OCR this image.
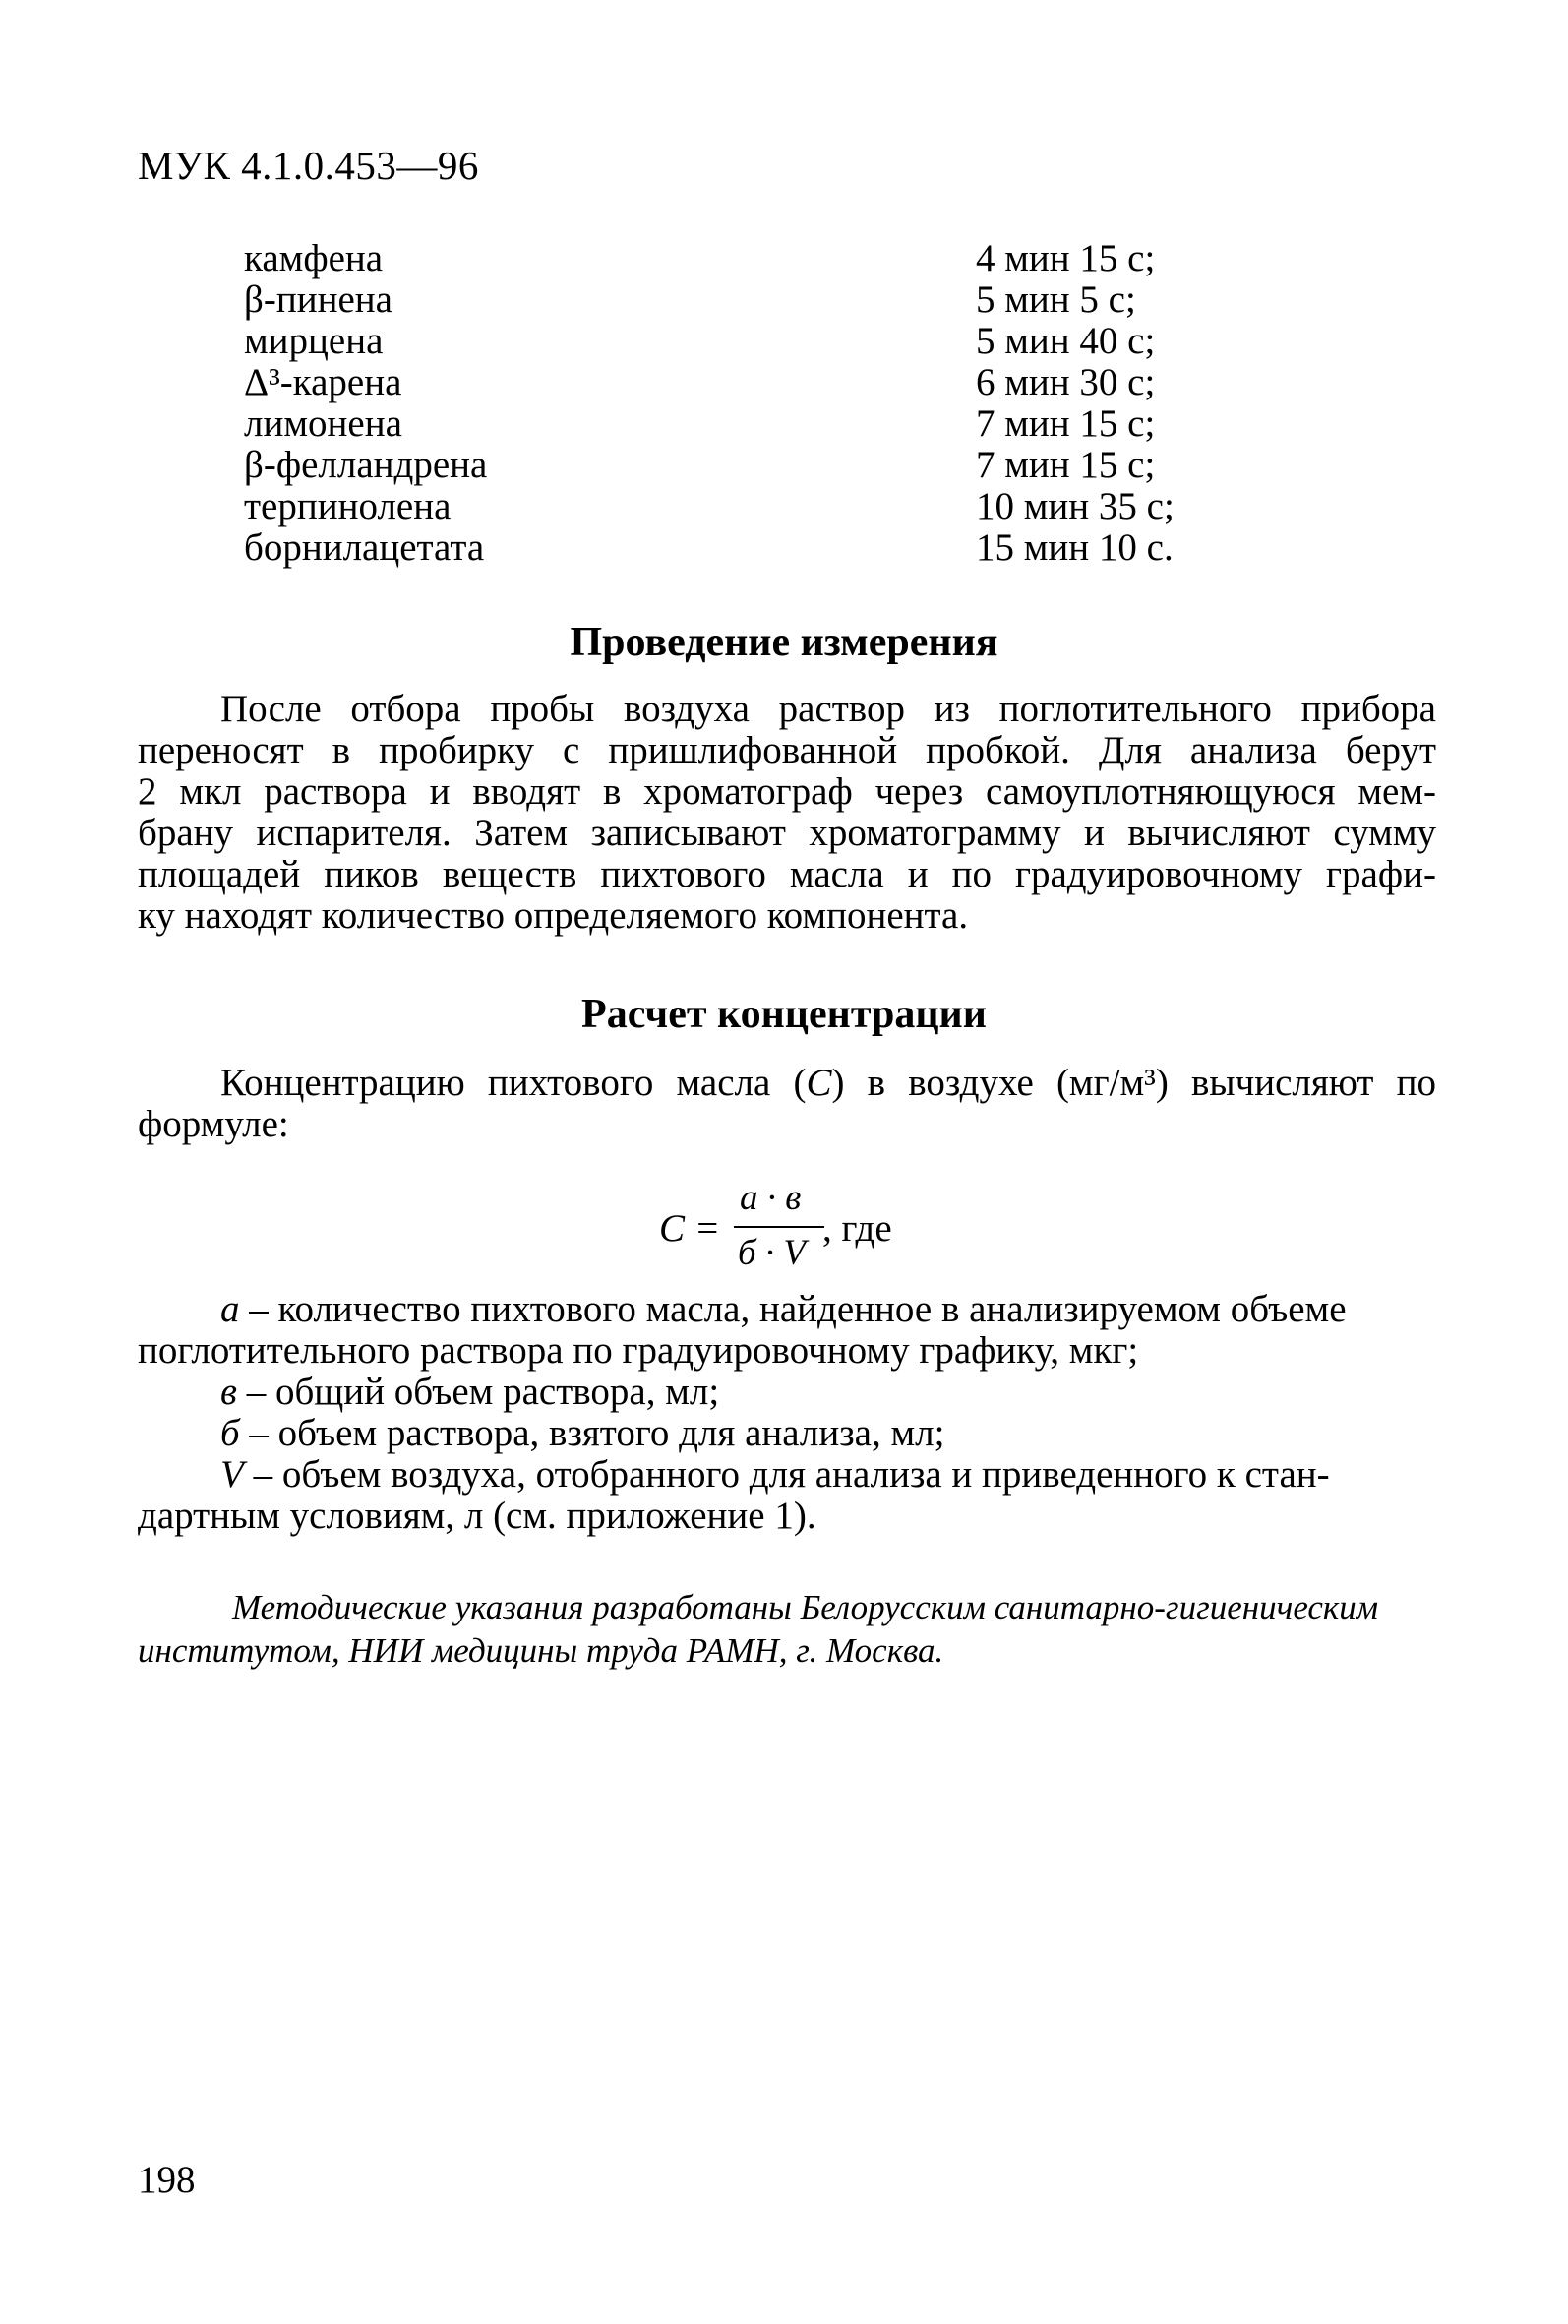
МУК 4.1.0.453—96
камфена	4 мин 15 с;
β-пинена	5 мин 5 с;
мирцена	5 мин 40 с;
Δ³-карена	6 мин 30 с;
лимонена	7 мин 15 с;
β-фелландрена	7 мин 15 с;
терпинолена	10 мин 35 с;
борнилацетата	15 мин 10 с.
Проведение измерения
После отбора пробы воздуха раствор из поглотительного прибора
переносят в пробирку с пришлифованной пробкой. Для анализа берут
2 мкл раствора и вводят в хроматограф через самоуплотняющуюся мем-
брану испарителя. Затем записывают хроматограмму и вычисляют сумму
площадей пиков веществ пихтового масла и по градуировочному графи-
ку находят количество определяемого компонента.
Расчет концентрации
Концентрацию пихтового масла (C) в воздухе (мг/м³) вычисляют по
формуле:
C =
a · в
б · V
, где
a – количество пихтового масла, найденное в анализируемом объеме
поглотительного раствора по градуировочному графику, мкг;
в – общий объем раствора, мл;
б – объем раствора, взятого для анализа, мл;
V – объем воздуха, отобранного для анализа и приведенного к стан-
дартным условиям, л (см. приложение 1).
Методические указания разработаны Белорусским санитарно-гигиеническим
институтом, НИИ медицины труда РАМН, г. Москва.
198
